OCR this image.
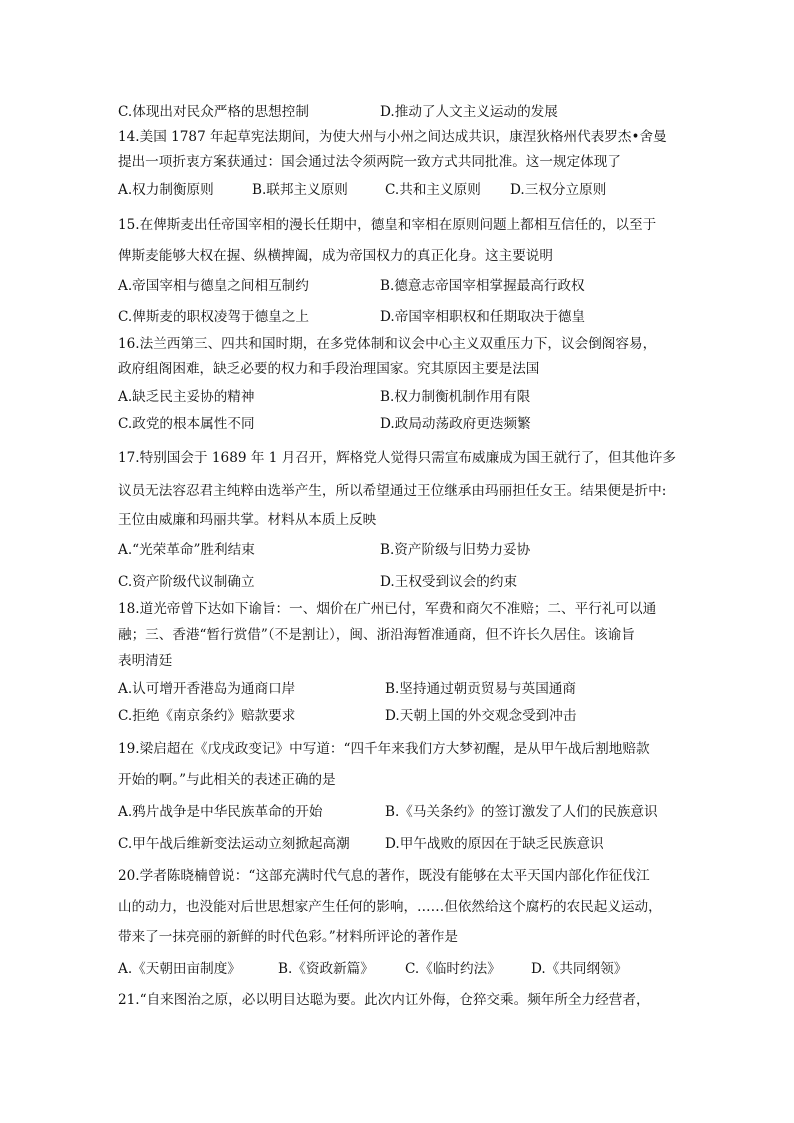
C.体现出对民众严格的思想控制	D.推动了人文主义运动的发展
14.美国 1787 年起草宪法期间，为使大州与小州之间达成共识，康涅狄格州代表罗杰•舍曼
提出一项折衷方案获通过：国会通过法令须两院一致方式共同批准。这一规定体现了
A.权力制衡原则	B.联邦主义原则	C.共和主义原则 D.三权分立原则
15.在俾斯麦出任帝国宰相的漫长任期中，德皇和宰相在原则问题上都相互信任的，以至于
俾斯麦能够大权在握、纵横捭阖，成为帝国权力的真正化身。这主要说明
A.帝国宰相与德皇之间相互制约	B.德意志帝国宰相掌握最高行政权
C.俾斯麦的职权凌驾于德皇之上	D.帝国宰相职权和任期取决于德皇
16.法兰西第三、四共和国时期，在多党体制和议会中心主义双重压力下，议会倒阁容易，
政府组阁困难，缺乏必要的权力和手段治理国家。究其原因主要是法国
A.缺乏民主妥协的精神	B.权力制衡机制作用有限
C.政党的根本属性不同	D.政局动荡政府更迭频繁
17.特别国会于 1689 年 1 月召开，辉格党人觉得只需宣布威廉成为国王就行了，但其他许多
议员无法容忍君主纯粹由选举产生，所以希望通过王位继承由玛丽担任女王。结果便是折中:
王位由威廉和玛丽共掌。材料从本质上反映
A.“光荣革命”胜利结束	B.资产阶级与旧势力妥协
C.资产阶级代议制确立	D.王权受到议会的约束
18.道光帝曾下达如下谕旨：一、烟价在广州已付，军费和商欠不准赔；二、平行礼可以通
融；三、香港“暂行赏借”（不是割让），闽、浙沿海暂准通商，但不许长久居住。该谕旨
表明清廷
A.认可增开香港岛为通商口岸	B.坚持通过朝贡贸易与英国通商
C.拒绝《南京条约》赔款要求	D.天朝上国的外交观念受到冲击
19.梁启超在《戊戌政变记》中写道：“四千年来我们方大梦初醒，是从甲午战后割地赔款
开始的啊。”与此相关的表述正确的是
A.鸦片战争是中华民族革命的开始	B.《马关条约》的签订激发了人们的民族意识
C.甲午战后维新变法运动立刻掀起高潮	D.甲午战败的原因在于缺乏民族意识
20.学者陈晓楠曾说：“这部充满时代气息的著作，既没有能够在太平天国内部化作征伐江
山的动力，也没能对后世思想家产生任何的影响，……但依然给这个腐朽的农民起义运动，
带来了一抹亮丽的新鲜的时代色彩。”材料所评论的著作是
A.《天朝田亩制度》	B.《资政新篇》 C.《临时约法》 D.《共同纲领》
21.“自来图治之原，必以明目达聪为要。此次内讧外侮，仓猝交乘。频年所全力经营者，
